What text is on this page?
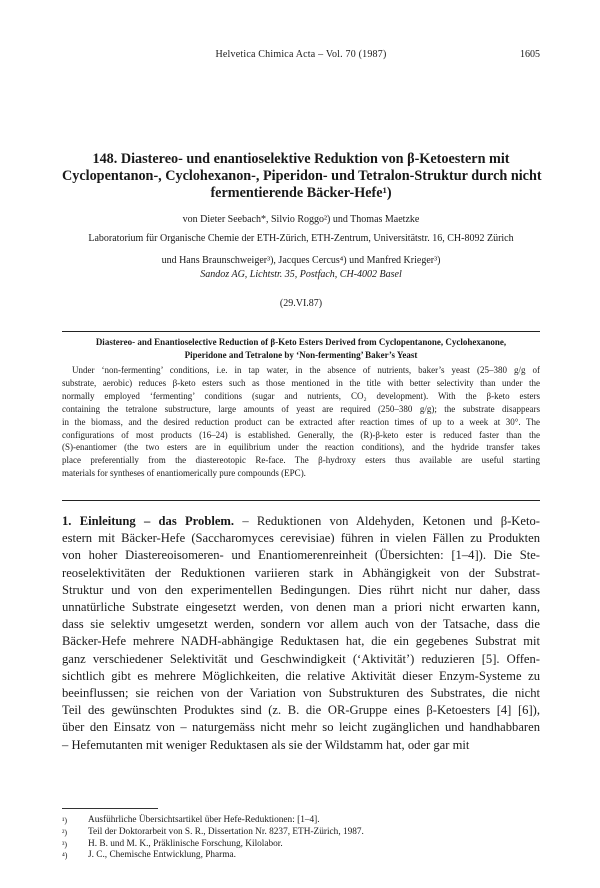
Helvetica Chimica Acta – Vol. 70 (1987)	1605
148. Diastereo- und enantioselektive Reduktion von β-Ketoestern mit
Cyclopentanon-, Cyclohexanon-, Piperidon- und Tetralon-Struktur durch nicht
fermentierende Bäcker-Hefe¹)
von Dieter Seebach*, Silvio Roggo²) und Thomas Maetzke
Laboratorium für Organische Chemie der ETH-Zürich, ETH-Zentrum, Universitätstr. 16, CH-8092 Zürich
und Hans Braunschweiger³), Jacques Cercus⁴) und Manfred Krieger³)
Sandoz AG, Lichtstr. 35, Postfach, CH-4002 Basel
(29.VI.87)
Diastereo- and Enantioselective Reduction of β-Keto Esters Derived from Cyclopentanone, Cyclohexanone,
Piperidone and Tetralone by ‘Non-fermenting’ Baker’s Yeast
Under ‘non-fermenting’ conditions, i.e. in tap water, in the absence of nutrients, baker’s yeast (25–380 g/g of
substrate, aerobic) reduces β-keto esters such as those mentioned in the title with better selectivity than under the
normally employed ‘fermenting’ conditions (sugar and nutrients, CO₂ development). With the β-keto esters
containing the tetralone substructure, large amounts of yeast are required (250–380 g/g); the substrate disappears
in the biomass, and the desired reduction product can be extracted after reaction times of up to a week at 30°. The
configurations of most products (16–24) is established. Generally, the (R)-β-keto ester is reduced faster than the
(S)-enantiomer (the two esters are in equilibrium under the reaction conditions), and the hydride transfer takes
place preferentially from the diastereotopic Re-face. The β-hydroxy esters thus available are useful starting
materials for syntheses of enantiomerically pure compounds (EPC).
1. Einleitung – das Problem. – Reduktionen von Aldehyden, Ketonen und β-Keto-
estern mit Bäcker-Hefe (Saccharomyces cerevisiae) führen in vielen Fällen zu Produkten
von hoher Diastereoisomeren- und Enantiomerenreinheit (Übersichten: [1–4]). Die Ste-
reoselektivitäten der Reduktionen variieren stark in Abhängigkeit von der Substrat-
Struktur und von den experimentellen Bedingungen. Dies rührt nicht nur daher, dass
unnatürliche Substrate eingesetzt werden, von denen man a priori nicht erwarten kann,
dass sie selektiv umgesetzt werden, sondern vor allem auch von der Tatsache, dass die
Bäcker-Hefe mehrere NADH-abhängige Reduktasen hat, die ein gegebenes Substrat mit
ganz verschiedener Selektivität und Geschwindigkeit (‘Aktivität’) reduzieren [5]. Offen-
sichtlich gibt es mehrere Möglichkeiten, die relative Aktivität dieser Enzym-Systeme zu
beeinflussen; sie reichen von der Variation von Substrukturen des Substrates, die nicht
Teil des gewünschten Produktes sind (z. B. die OR-Gruppe eines β-Ketoesters [4] [6]),
über den Einsatz von – naturgemäss nicht mehr so leicht zugänglichen und handhabbaren
– Hefemutanten mit weniger Reduktasen als sie der Wildstamm hat, oder gar mit
¹)	Ausführliche Übersichtsartikel über Hefe-Reduktionen: [1–4].
²)	Teil der Doktorarbeit von S. R., Dissertation Nr. 8237, ETH-Zürich, 1987.
³)	H. B. und M. K., Präklinische Forschung, Kilolabor.
⁴)	J. C., Chemische Entwicklung, Pharma.
